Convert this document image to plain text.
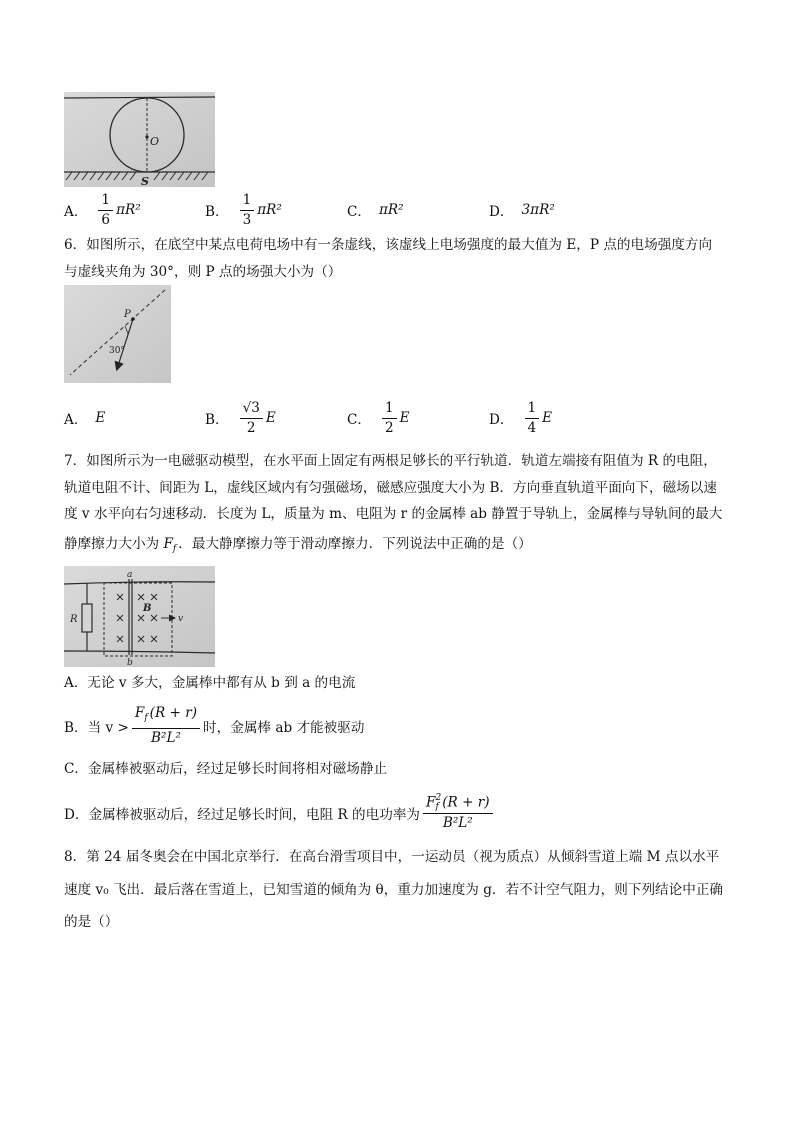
O
S
A． $\frac{1}{6} \pi R^2$	B． $\frac{1}{3} \pi R^2$	C． πR²	D． 3πR²
6．如图所示，在底空中某点电荷电场中有一条虚线，该虚线上电场强度的最大值为 E，P 点的电场强度方向
与虚线夹角为 30°，则 P 点的场强大小为（）
P
30°
A． E	B． $\frac{√3}{2}$ E	C． $\frac{1}{2}$ E	D． $\frac{1}{4}$ E
7．如图所示为一电磁驱动模型，在水平面上固定有两根足够长的平行轨道．轨道左端接有阻值为 R 的电阻，
轨道电阻不计、间距为 L，虚线区域内有匀强磁场，磁感应强度大小为 B．方向垂直轨道平面向下，磁场以速
度 v 水平向右匀速移动．长度为 L，质量为 m、电阻为 r 的金属棒 ab 静置于导轨上，金属棒与导轨间的最大
静摩擦力大小为 $F_f$ ．最大静摩擦力等于滑动摩擦力．下列说法中正确的是（）
R
a
b
B
v
A．无论 v 多大，金属棒中都有从 b 到 a 的电流
B．当 $v > \frac{F_f (R + r)}{\text{B²L²}}$ 时，金属棒 ab 才能被驱动
C．金属棒被驱动后，经过足够长时间将相对磁场静止
D．金属棒被驱动后，经过足够长时间，电阻 R 的电功率为 F 2
f (R + r)
B²L²
8．第 24 届冬奥会在中国北京举行．在高台滑雪项目中，一运动员（视为质点）从倾斜雪道上端 M 点以水平
速度 v₀ 飞出．最后落在雪道上，已知雪道的倾角为 θ，重力加速度为 g．若不计空气阻力，则下列结论中正确
的是（）
